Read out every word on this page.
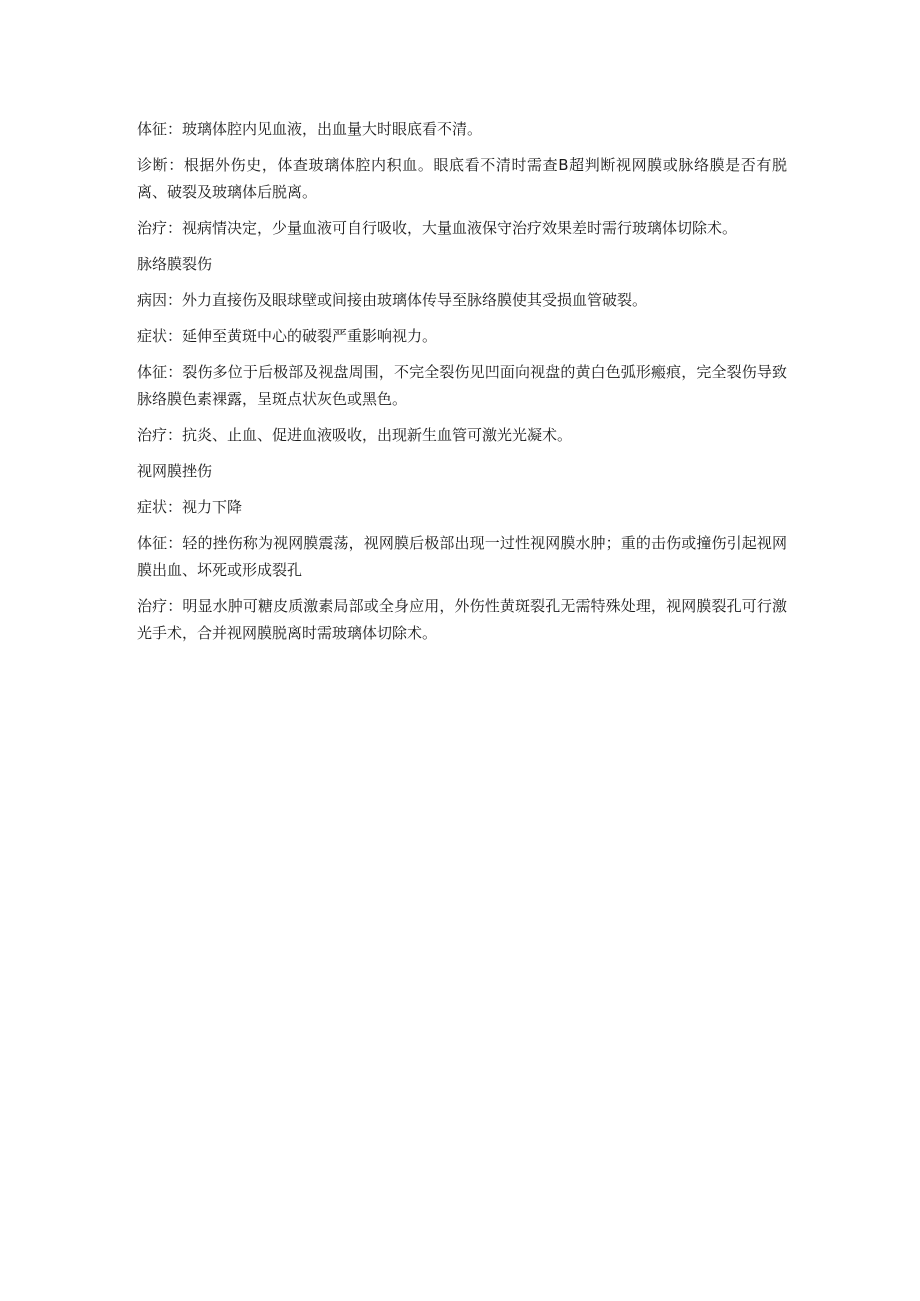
体征：玻璃体腔内见血液，出血量大时眼底看不清。

诊断：根据外伤史，体查玻璃体腔内积血。眼底看不清时需查B超判断视网膜或脉络膜是否有脱离、破裂及玻璃体后脱离。

治疗：视病情决定，少量血液可自行吸收，大量血液保守治疗效果差时需行玻璃体切除术。

脉络膜裂伤

病因：外力直接伤及眼球壁或间接由玻璃体传导至脉络膜使其受损血管破裂。

症状：延伸至黄斑中心的破裂严重影响视力。

体征：裂伤多位于后极部及视盘周围，不完全裂伤见凹面向视盘的黄白色弧形瘢痕，完全裂伤导致脉络膜色素裸露，呈斑点状灰色或黑色。

治疗：抗炎、止血、促进血液吸收，出现新生血管可激光光凝术。

视网膜挫伤

症状：视力下降

体征：轻的挫伤称为视网膜震荡，视网膜后极部出现一过性视网膜水肿；重的击伤或撞伤引起视网膜出血、坏死或形成裂孔

治疗：明显水肿可糖皮质激素局部或全身应用，外伤性黄斑裂孔无需特殊处理，视网膜裂孔可行激光手术，合并视网膜脱离时需玻璃体切除术。
